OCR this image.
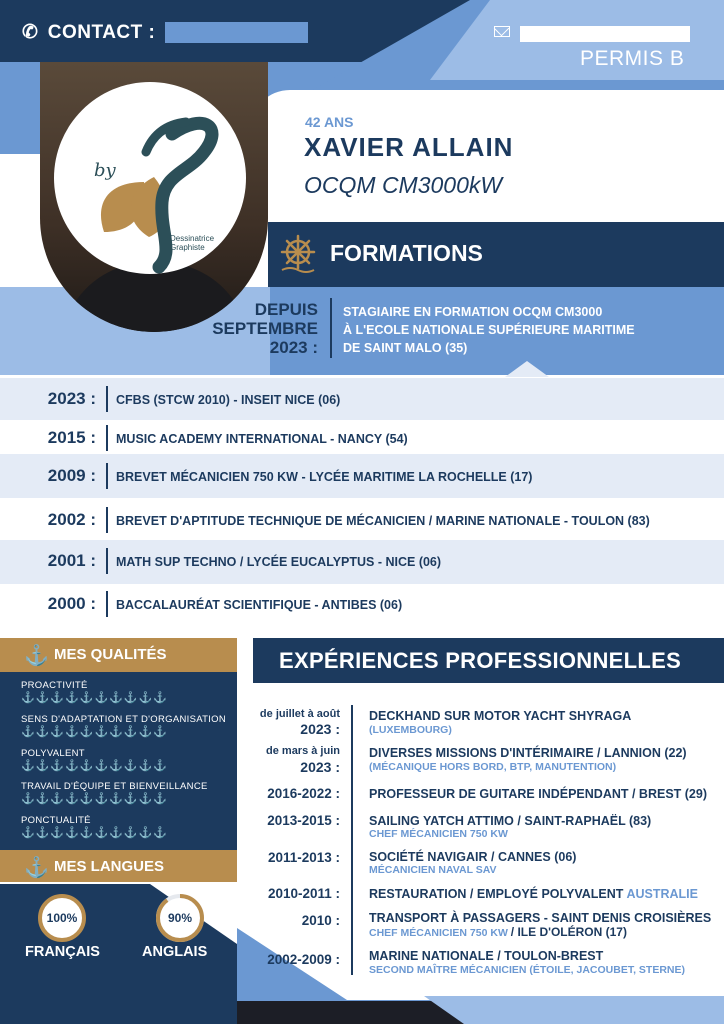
✆ CONTACT :
PERMIS B
42 ANS
XAVIER ALLAIN
OCQM CM3000kW
FORMATIONS
by
Dessinatrice
Graphiste
DEPUIS
SEPTEMBRE
2023 :
STAGIAIRE EN FORMATION OCQM CM3000
À L'ECOLE NATIONALE SUPÉRIEURE MARITIME
DE SAINT MALO (35)
2023 : CFBS (STCW 2010) - INSEIT NICE (06)
2015 : MUSIC ACADEMY INTERNATIONAL - NANCY (54)
2009 : BREVET MÉCANICIEN 750 KW - LYCÉE MARITIME LA ROCHELLE (17)
2002 : BREVET D'APTITUDE TECHNIQUE DE MÉCANICIEN / MARINE NATIONALE - TOULON (83)
2001 : MATH SUP TECHNO / LYCÉE EUCALYPTUS - NICE (06)
2000 : BACCALAURÉAT SCIENTIFIQUE - ANTIBES (06)
⚓ MES QUALITÉS
PROACTIVITÉ
⚓⚓⚓⚓⚓⚓⚓⚓⚓⚓
SENS D'ADAPTATION ET D'ORGANISATION
⚓⚓⚓⚓⚓⚓⚓⚓⚓⚓
POLYVALENT
⚓⚓⚓⚓⚓⚓⚓⚓⚓⚓
TRAVAIL D'ÉQUIPE ET BIENVEILLANCE
⚓⚓⚓⚓⚓⚓⚓⚓⚓⚓
PONCTUALITÉ
⚓⚓⚓⚓⚓⚓⚓⚓⚓⚓
⚓ MES LANGUES
100%
FRANÇAIS
90%
ANGLAIS
EXPÉRIENCES PROFESSIONNELLES
de juillet à août
2023 :
DECKHAND SUR MOTOR YACHT SHYRAGA
(LUXEMBOURG)
de mars à juin
2023 :
DIVERSES MISSIONS D'INTÉRIMAIRE / LANNION (22)
(MÉCANIQUE HORS BORD, BTP, MANUTENTION)
2016-2022 : PROFESSEUR DE GUITARE INDÉPENDANT / BREST (29)
2013-2015 : SAILING YATCH ATTIMO / SAINT-RAPHAËL (83)
CHEF MÉCANICIEN 750 KW
2011-2013 : SOCIÉTÉ NAVIGAIR / CANNES (06)
MÉCANICIEN NAVAL SAV
2010-2011 : RESTAURATION / EMPLOYÉ POLYVALENT AUSTRALIE
2010 : TRANSPORT À PASSAGERS - SAINT DENIS CROISIÈRES
CHEF MÉCANICIEN 750 KW / ILE D'OLÉRON (17)
2002-2009 : MARINE NATIONALE / TOULON-BREST
SECOND MAÎTRE MÉCANICIEN (ÉTOILE, JACOUBET, STERNE)
